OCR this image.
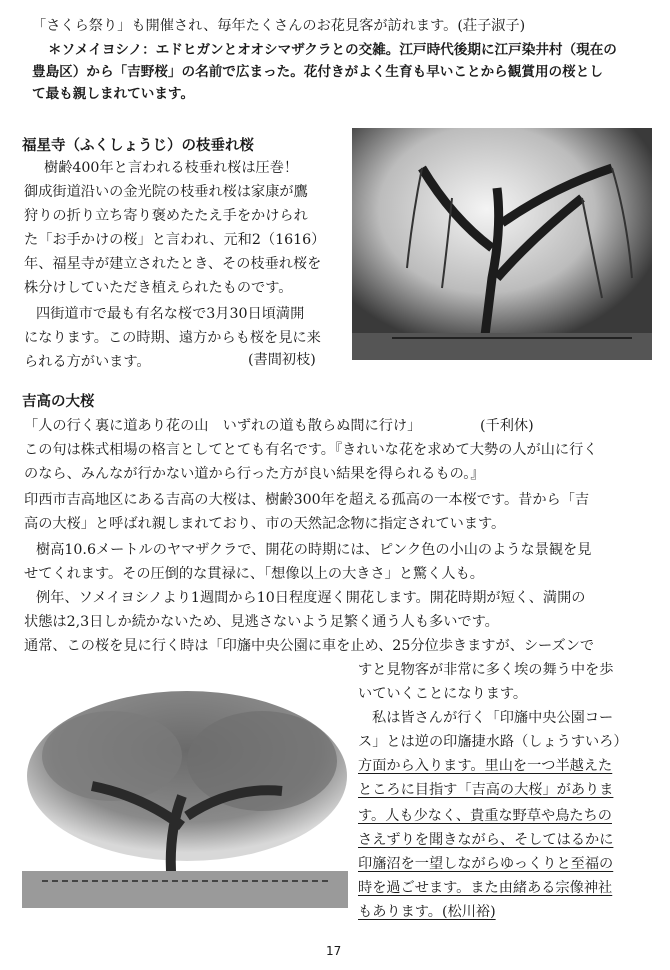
「さくら祭り」も開催され、毎年たくさんのお花見客が訪れます。(荘子淑子)
＊ソメイヨシノ：エドヒガンとオオシマザクラとの交雑。江戸時代後期に江戸染井村（現在の
豊島区）から「吉野桜」の名前で広まった。花付きがよく生育も早いことから観賞用の桜とし
て最も親しまれています。
福星寺（ふくしょうじ）の枝垂れ桜
樹齢400年と言われる枝垂れ桜は圧巻！
御成街道沿いの金光院の枝垂れ桜は家康が鷹
狩りの折り立ち寄り褒めたたえ手をかけられ
た「お手かけの桜」と言われ、元和2（1616）
年、福星寺が建立されたとき、その枝垂れ桜を
株分けしていただき植えられたものです。
四街道市で最も有名な桜で3月30日頃満開
になります。この時期、遠方からも桜を見に来
られる方がいます。	(書間初枝)
吉高の大桜
「人の行く裏に道あり花の山　いずれの道も散らぬ間に行け」	(千利休)
この句は株式相場の格言としてとても有名です。『きれいな花を求めて大勢の人が山に行く
のなら、みんなが行かない道から行った方が良い結果を得られるもの。』
印西市吉高地区にある吉高の大桜は、樹齢300年を超える孤高の一本桜です。昔から「吉
高の大桜」と呼ばれ親しまれており、市の天然記念物に指定されています。
樹高10.6メートルのヤマザクラで、開花の時期には、ピンク色の小山のような景観を見
せてくれます。その圧倒的な貫禄に、「想像以上の大きさ」と驚く人も。
例年、ソメイヨシノより1週間から10日程度遅く開花します。開花時期が短く、満開の
状態は2,3日しか続かないため、見逃さないよう足繁く通う人も多いです。
通常、この桜を見に行く時は「印旛中央公園に車を止め、25分位歩きますが、シーズンで
すと見物客が非常に多く埃の舞う中を歩
いていくことになります。
私は皆さんが行く「印旛中央公園コー
ス」とは逆の印旛捷水路（しょうすいろ）
方面から入ります。里山を一つ半越えた
ところに目指す「吉高の大桜」がありま
す。人も少なく、貴重な野草や鳥たちの
さえずりを聞きながら、そしてはるかに
印旛沼を一望しながらゆっくりと至福の
時を過ごせます。また由緒ある宗像神社
もあります。(松川裕)
17
